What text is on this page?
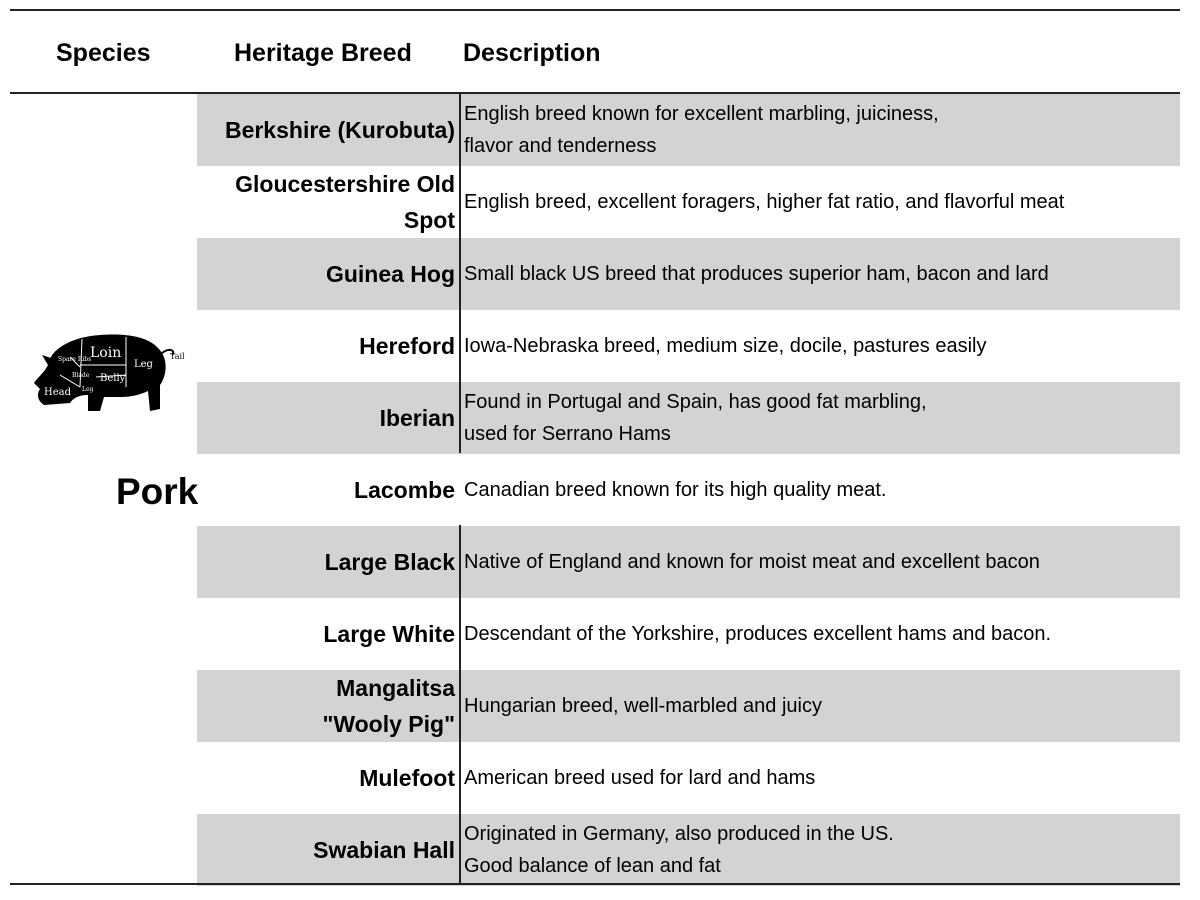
Species	Heritage Breed Description
Berkshire (Kurobuta)
English breed known for excellent marbling, juiciness,
flavor and tenderness
Gloucestershire Old
Spot
English breed, excellent foragers, higher fat ratio, and flavorful meat
Guinea Hog Small black US breed that produces superior ham, bacon and lard
Hereford Iowa-Nebraska breed, medium size, docile, pastures easily
Iberian
Found in Portugal and Spain, has good fat marbling,
used for Serrano Hams
Lacombe Canadian breed known for its high quality meat.
Large Black Native of England and known for moist meat and excellent bacon
Large White Descendant of the Yorkshire, produces excellent hams and bacon.
Mangalitsa
"Wooly Pig"
Hungarian breed, well-marbled and juicy
Mulefoot American breed used for lard and hams
Swabian Hall
Originated in Germany, also produced in the US.
Good balance of lean and fat
Loin
Leg
Tail
Spare Ribs
Blade Belly
Leg
Head
Pork
